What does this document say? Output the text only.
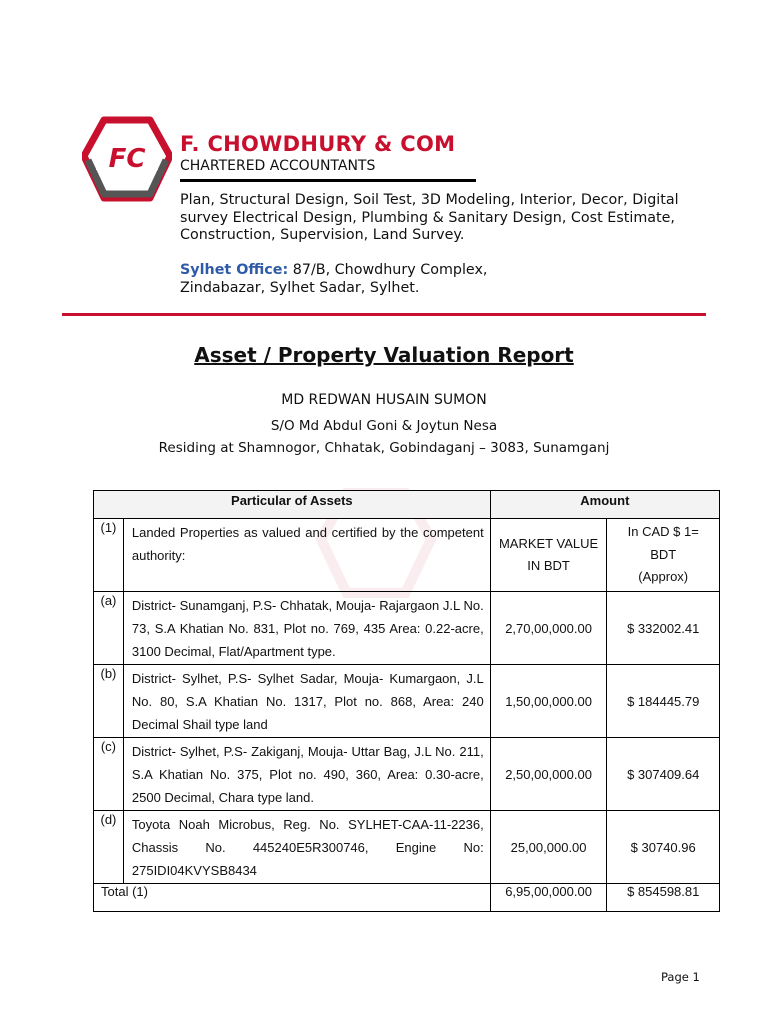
FC F. CHOWDHURY & COM
CHARTERED ACCOUNTANTS
Plan, Structural Design, Soil Test, 3D Modeling, Interior, Decor, Digital survey Electrical Design, Plumbing & Sanitary Design, Cost Estimate, Construction, Supervision, Land Survey.
Sylhet Office: 87/B, Chowdhury Complex,
Zindabazar, Sylhet Sadar, Sylhet.
Asset / Property Valuation Report
MD REDWAN HUSAIN SUMON
S/O Md Abdul Goni & Joytun Nesa
Residing at Shamnogor, Chhatak, Gobindaganj – 3083, Sunamganj
Particular of Assets		Amount	
(1)	Landed Properties as valued and certified by the competent authority:	MARKET VALUE IN BDT	In CAD $ 1=
BDT
(Approx)

(a)	District- Sunamganj, P.S- Chhatak, Mouja- Rajargaon J.L No. 73, S.A Khatian No. 831, Plot no. 769, 435 Area: 0.22-acre, 3100 Decimal, Flat/Apartment type.	2,70,00,000.00	$ 332002.41
(b)	District- Sylhet, P.S- Sylhet Sadar, Mouja- Kumargaon, J.L No. 80, S.A Khatian No. 1317, Plot no. 868, Area: 240 Decimal Shail type land	1,50,00,000.00	$ 184445.79
(c)	District- Sylhet, P.S- Zakiganj, Mouja- Uttar Bag, J.L No. 211, S.A Khatian No. 375, Plot no. 490, 360, Area: 0.30-acre, 2500 Decimal, Chara type land.	2,50,00,000.00	$ 307409.64
(d)	Toyota Noah Microbus, Reg. No. SYLHET-CAA-11-2236, Chassis No. 445240E5R300746, Engine No: 275IDI04KVYSB8434	25,00,000.00	$ 30740.96
Total (1)		6,95,00,000.00	$ 854598.81
Page 1
